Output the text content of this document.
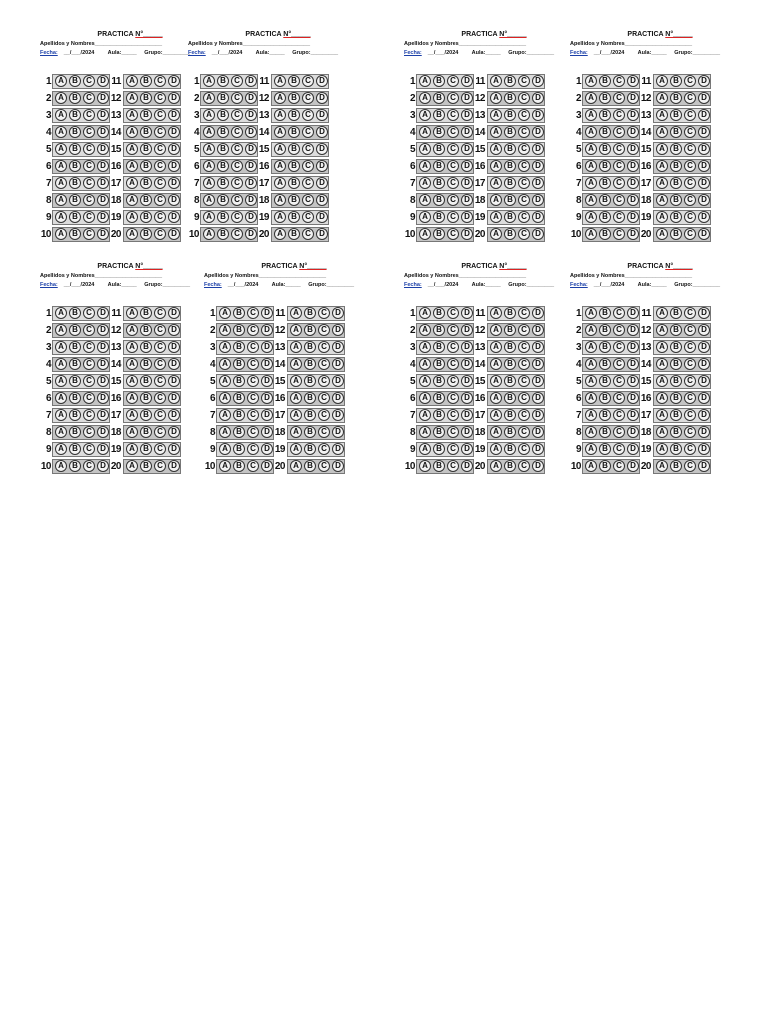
PRACTICA N°_____
Apellidos y Nombres______________________
Fecha: __/___/2024 Aula:_____ Grupo:_________
1 A	B	C	D 11	A	B	C	D
2 A	B	C	D 12	A	B	C	D
3 A	B	C	D 13	A	B	C	D
4 A	B	C	D 14	A	B	C	D
5 A	B	C	D 15	A	B	C	D
6 A	B	C	D 16	A	B	C	D
7 A	B	C	D 17	A	B	C	D
8 A	B	C	D 18	A	B	C	D
9 A	B	C	D 19	A	B	C	D
10 A	B	C	D 20	A	B	C	D
PRACTICA N°_____
Apellidos y Nombres______________________
Fecha: __/___/2024 Aula:_____ Grupo:_________
1 A	B	C	D 11	A	B	C	D
2 A	B	C	D 12	A	B	C	D
3 A	B	C	D 13	A	B	C	D
4 A	B	C	D 14	A	B	C	D
5 A	B	C	D 15	A	B	C	D
6 A	B	C	D 16	A	B	C	D
7 A	B	C	D 17	A	B	C	D
8 A	B	C	D 18	A	B	C	D
9 A	B	C	D 19	A	B	C	D
10 A	B	C	D 20	A	B	C	D
PRACTICA N°_____
Apellidos y Nombres______________________
Fecha: __/___/2024 Aula:_____ Grupo:_________
1 A	B	C	D 11	A	B	C	D
2 A	B	C	D 12	A	B	C	D
3 A	B	C	D 13	A	B	C	D
4 A	B	C	D 14	A	B	C	D
5 A	B	C	D 15	A	B	C	D
6 A	B	C	D 16	A	B	C	D
7 A	B	C	D 17	A	B	C	D
8 A	B	C	D 18	A	B	C	D
9 A	B	C	D 19	A	B	C	D
10 A	B	C	D 20	A	B	C	D
PRACTICA N°_____
Apellidos y Nombres______________________
Fecha: __/___/2024 Aula:_____ Grupo:_________
1 A	B	C	D 11	A	B	C	D
2 A	B	C	D 12	A	B	C	D
3 A	B	C	D 13	A	B	C	D
4 A	B	C	D 14	A	B	C	D
5 A	B	C	D 15	A	B	C	D
6 A	B	C	D 16	A	B	C	D
7 A	B	C	D 17	A	B	C	D
8 A	B	C	D 18	A	B	C	D
9 A	B	C	D 19	A	B	C	D
10 A	B	C	D 20	A	B	C	D
PRACTICA N°_____
Apellidos y Nombres______________________
Fecha: __/___/2024 Aula:_____ Grupo:_________
1 A	B	C	D 11	A	B	C	D
2 A	B	C	D 12	A	B	C	D
3 A	B	C	D 13	A	B	C	D
4 A	B	C	D 14	A	B	C	D
5 A	B	C	D 15	A	B	C	D
6 A	B	C	D 16	A	B	C	D
7 A	B	C	D 17	A	B	C	D
8 A	B	C	D 18	A	B	C	D
9 A	B	C	D 19	A	B	C	D
10 A	B	C	D 20	A	B	C	D
PRACTICA N°_____
Apellidos y Nombres______________________
Fecha: __/___/2024 Aula:_____ Grupo:_________
1 A	B	C	D 11	A	B	C	D
2 A	B	C	D 12	A	B	C	D
3 A	B	C	D 13	A	B	C	D
4 A	B	C	D 14	A	B	C	D
5 A	B	C	D 15	A	B	C	D
6 A	B	C	D 16	A	B	C	D
7 A	B	C	D 17	A	B	C	D
8 A	B	C	D 18	A	B	C	D
9 A	B	C	D 19	A	B	C	D
10 A	B	C	D 20	A	B	C	D
PRACTICA N°_____
Apellidos y Nombres______________________
Fecha: __/___/2024 Aula:_____ Grupo:_________
1 A	B	C	D 11	A	B	C	D
2 A	B	C	D 12	A	B	C	D
3 A	B	C	D 13	A	B	C	D
4 A	B	C	D 14	A	B	C	D
5 A	B	C	D 15	A	B	C	D
6 A	B	C	D 16	A	B	C	D
7 A	B	C	D 17	A	B	C	D
8 A	B	C	D 18	A	B	C	D
9 A	B	C	D 19	A	B	C	D
10 A	B	C	D 20	A	B	C	D
PRACTICA N°_____
Apellidos y Nombres______________________
Fecha: __/___/2024 Aula:_____ Grupo:_________
1 A	B	C	D 11	A	B	C	D
2 A	B	C	D 12	A	B	C	D
3 A	B	C	D 13	A	B	C	D
4 A	B	C	D 14	A	B	C	D
5 A	B	C	D 15	A	B	C	D
6 A	B	C	D 16	A	B	C	D
7 A	B	C	D 17	A	B	C	D
8 A	B	C	D 18	A	B	C	D
9 A	B	C	D 19	A	B	C	D
10 A	B	C	D 20	A	B	C	D
